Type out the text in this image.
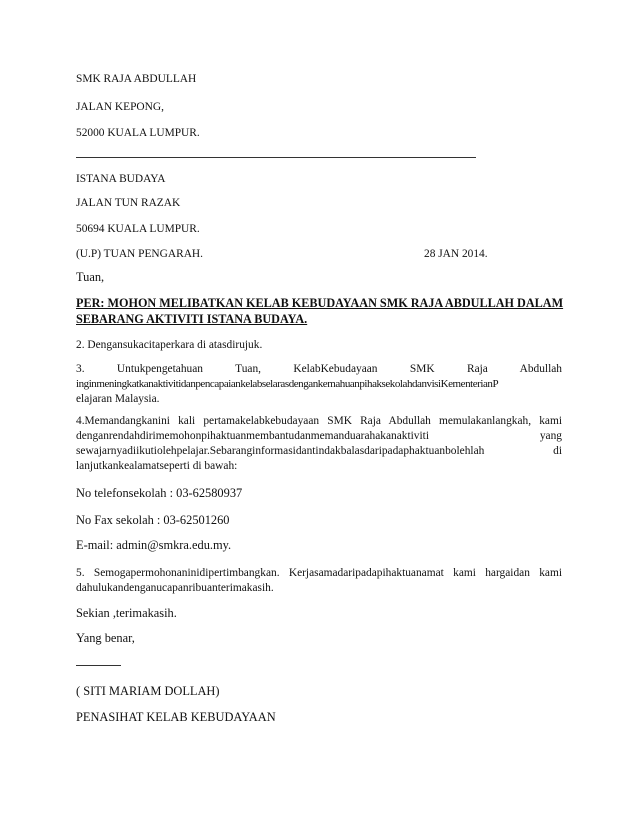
SMK RAJA ABDULLAH
JALAN KEPONG,
52000 KUALA LUMPUR.
ISTANA BUDAYA
JALAN TUN RAZAK
50694 KUALA LUMPUR.
(U.P) TUAN PENGARAH.	28 JAN 2014.
Tuan,
PER: MOHON MELIBATKAN KELAB KEBUDAYAAN SMK RAJA ABDULLAH DALAM
SEBARANG AKTIVITI ISTANA BUDAYA.
2. Dengansukacitaperkara di atasdirujuk.
3. Untukpengetahuan Tuan, KelabKebudayaan SMK Raja Abdullah
inginmeningkatkanaktivitidanpencapaiankelabselarasdengankemahuanpihaksekolahdanvisiKementerianP
elajaran Malaysia.
4.Memandangkanini kali pertamakelabkebudayaan SMK Raja Abdullah memulakanlangkah, kami
denganrendahdirimemohonpihaktuanmembantudanmemanduarahakanaktiviti yang
sewajarnyadiikutiolehpelajar.Sebaranginformasidantindakbalasdaripadaphaktuanbolehlah di
lanjutkankealamatseperti di bawah:
No telefonsekolah : 03-62580937
No Fax sekolah : 03-62501260
E-mail: admin@smkra.edu.my.
5. Semogapermohonaninidipertimbangkan. Kerjasamadaripadapihaktuanamat kami hargaidan kami
dahulukandenganucapanribuanterimakasih.
Sekian ,terimakasih.
Yang benar,
( SITI MARIAM DOLLAH)
PENASIHAT KELAB KEBUDAYAAN
